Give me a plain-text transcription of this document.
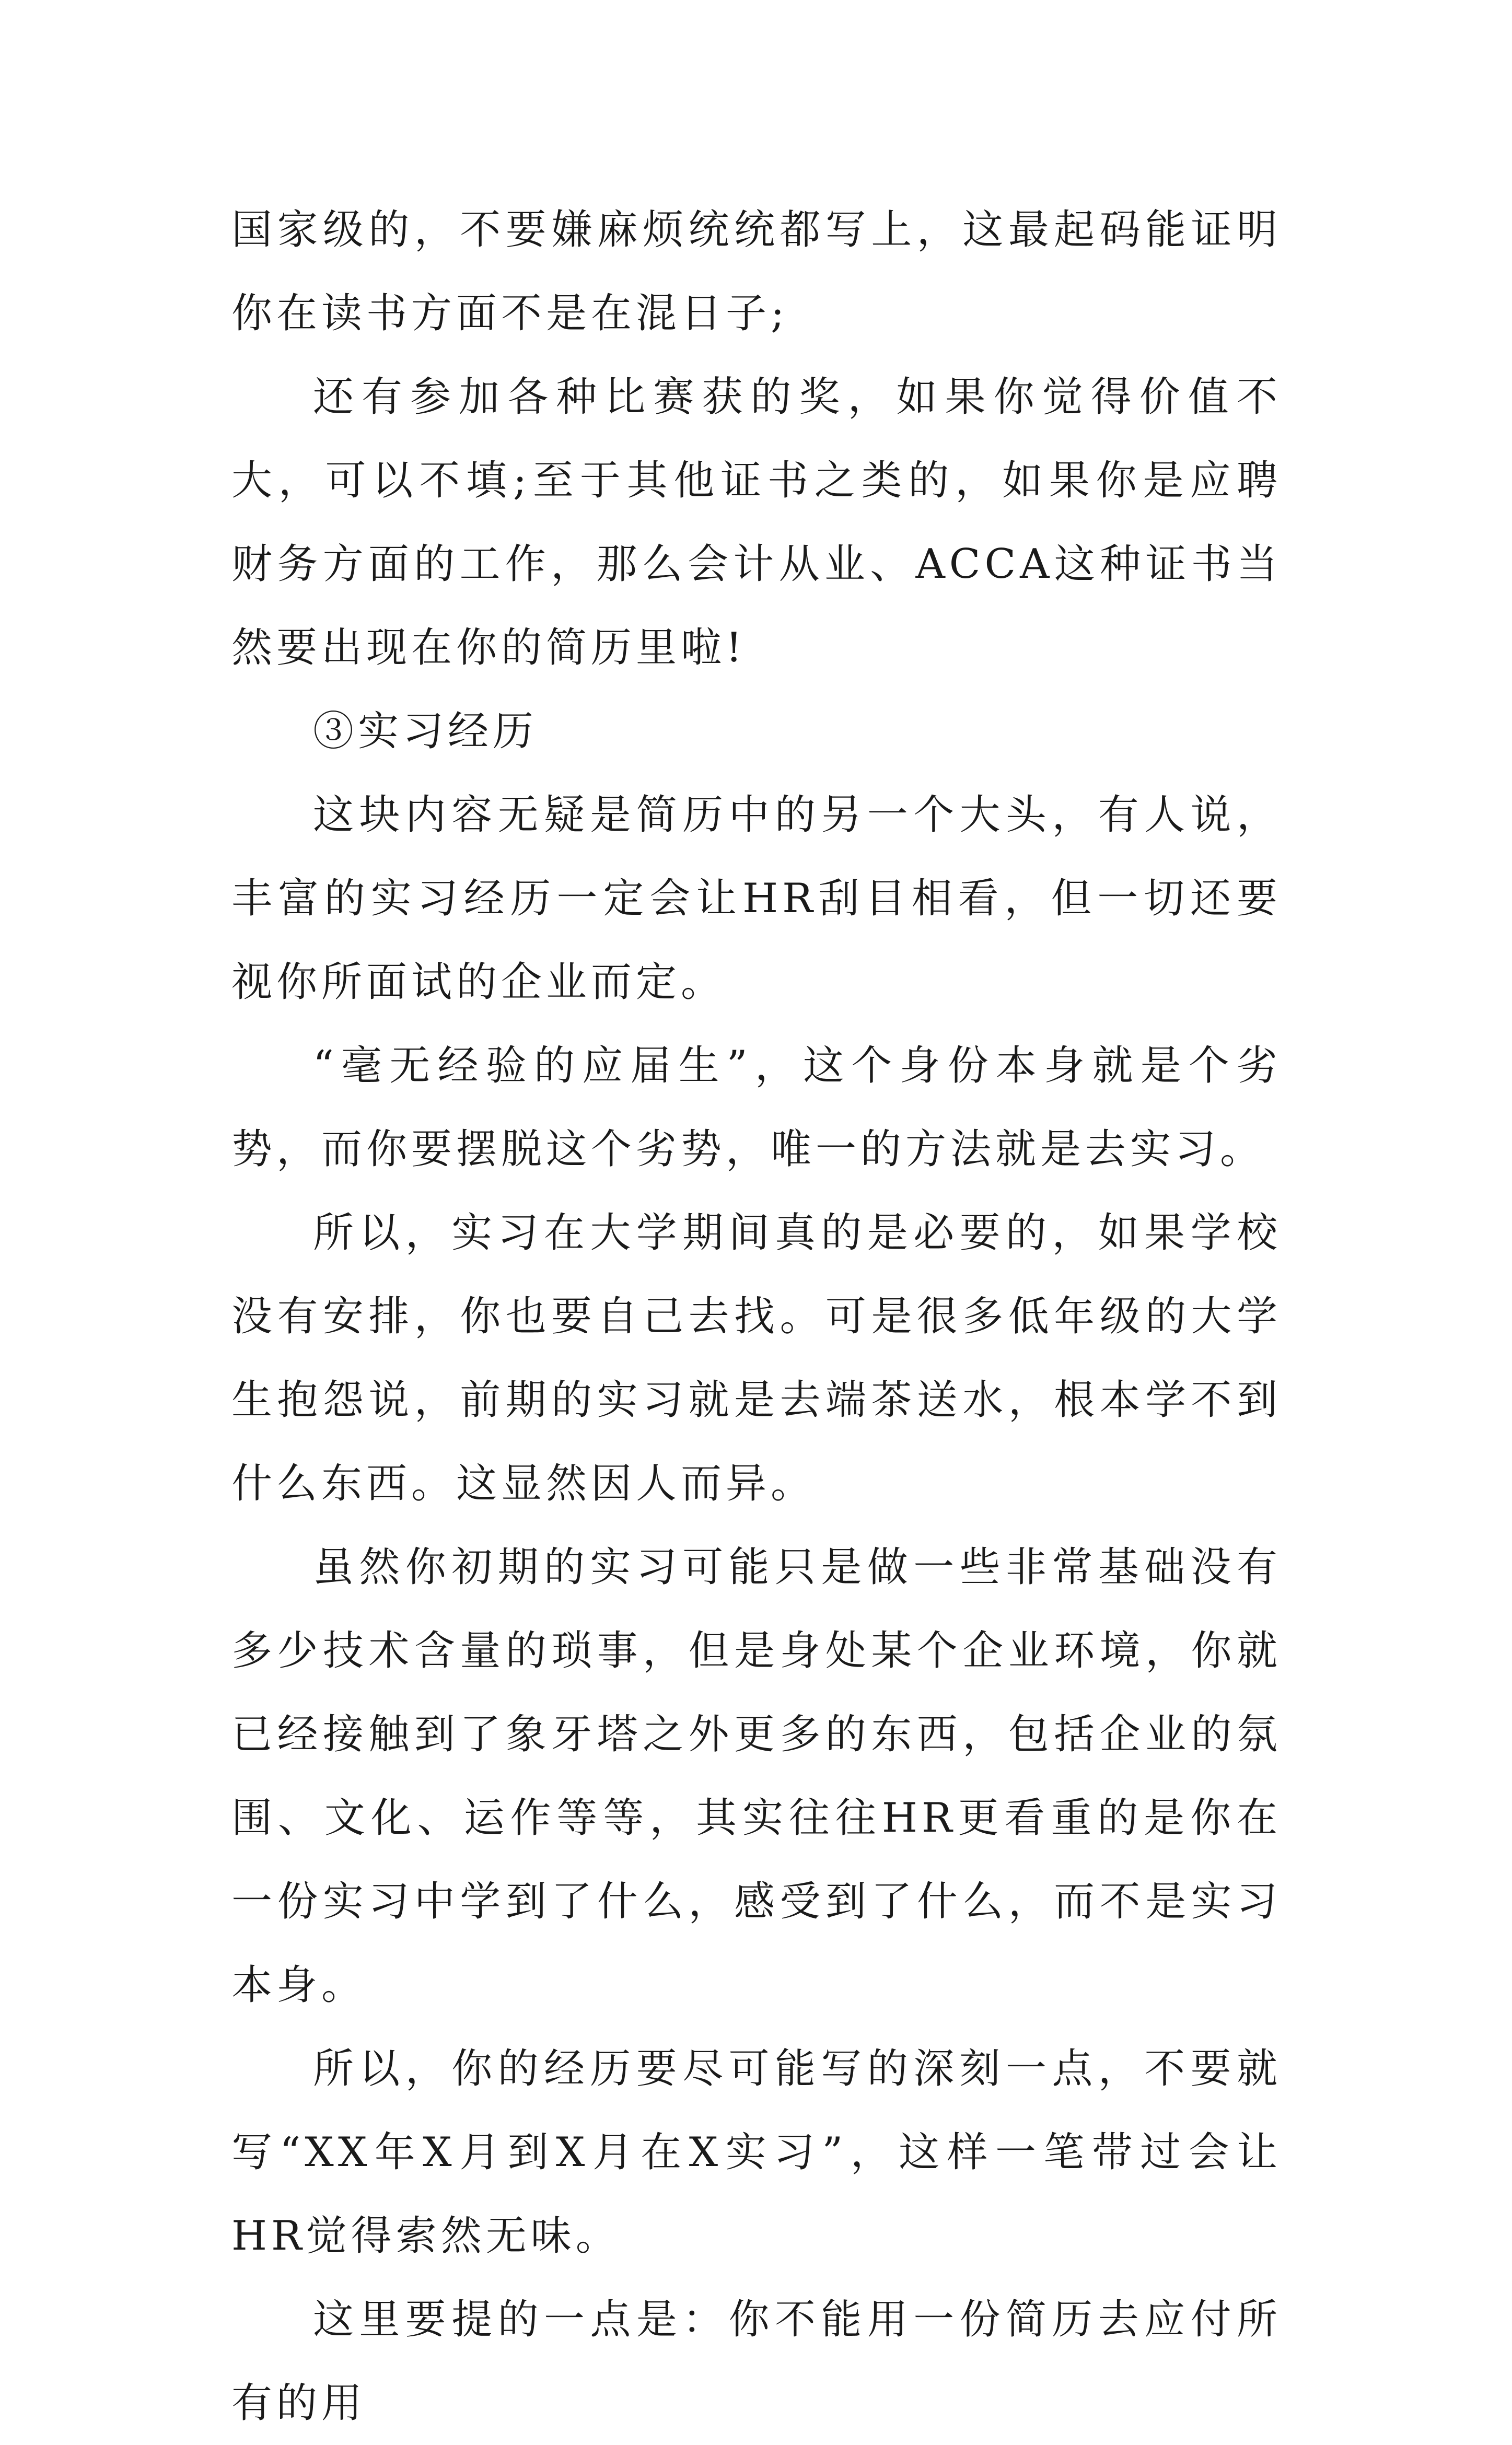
国家级的，不要嫌麻烦统统都写上，这最起码能证明你在读书方面不是在混日子;

还有参加各种比赛获的奖，如果你觉得价值不大，可以不填;至于其他证书之类的，如果你是应聘财务方面的工作，那么会计从业、ACCA这种证书当然要出现在你的简历里啦!

③实习经历

这块内容无疑是简历中的另一个大头，有人说，丰富的实习经历一定会让HR刮目相看，但一切还要视你所面试的企业而定。

“毫无经验的应届生”，这个身份本身就是个劣势，而你要摆脱这个劣势，唯一的方法就是去实习。

所以，实习在大学期间真的是必要的，如果学校没有安排，你也要自己去找。可是很多低年级的大学生抱怨说，前期的实习就是去端茶送水，根本学不到什么东西。这显然因人而异。

虽然你初期的实习可能只是做一些非常基础没有多少技术含量的琐事，但是身处某个企业环境，你就已经接触到了象牙塔之外更多的东西，包括企业的氛围、文化、运作等等，其实往往HR更看重的是你在一份实习中学到了什么，感受到了什么，而不是实习本身。

所以，你的经历要尽可能写的深刻一点，不要就写“XX年X月到X月在X实习”，这样一笔带过会让HR觉得索然无味。

这里要提的一点是：你不能用一份简历去应付所有的用
